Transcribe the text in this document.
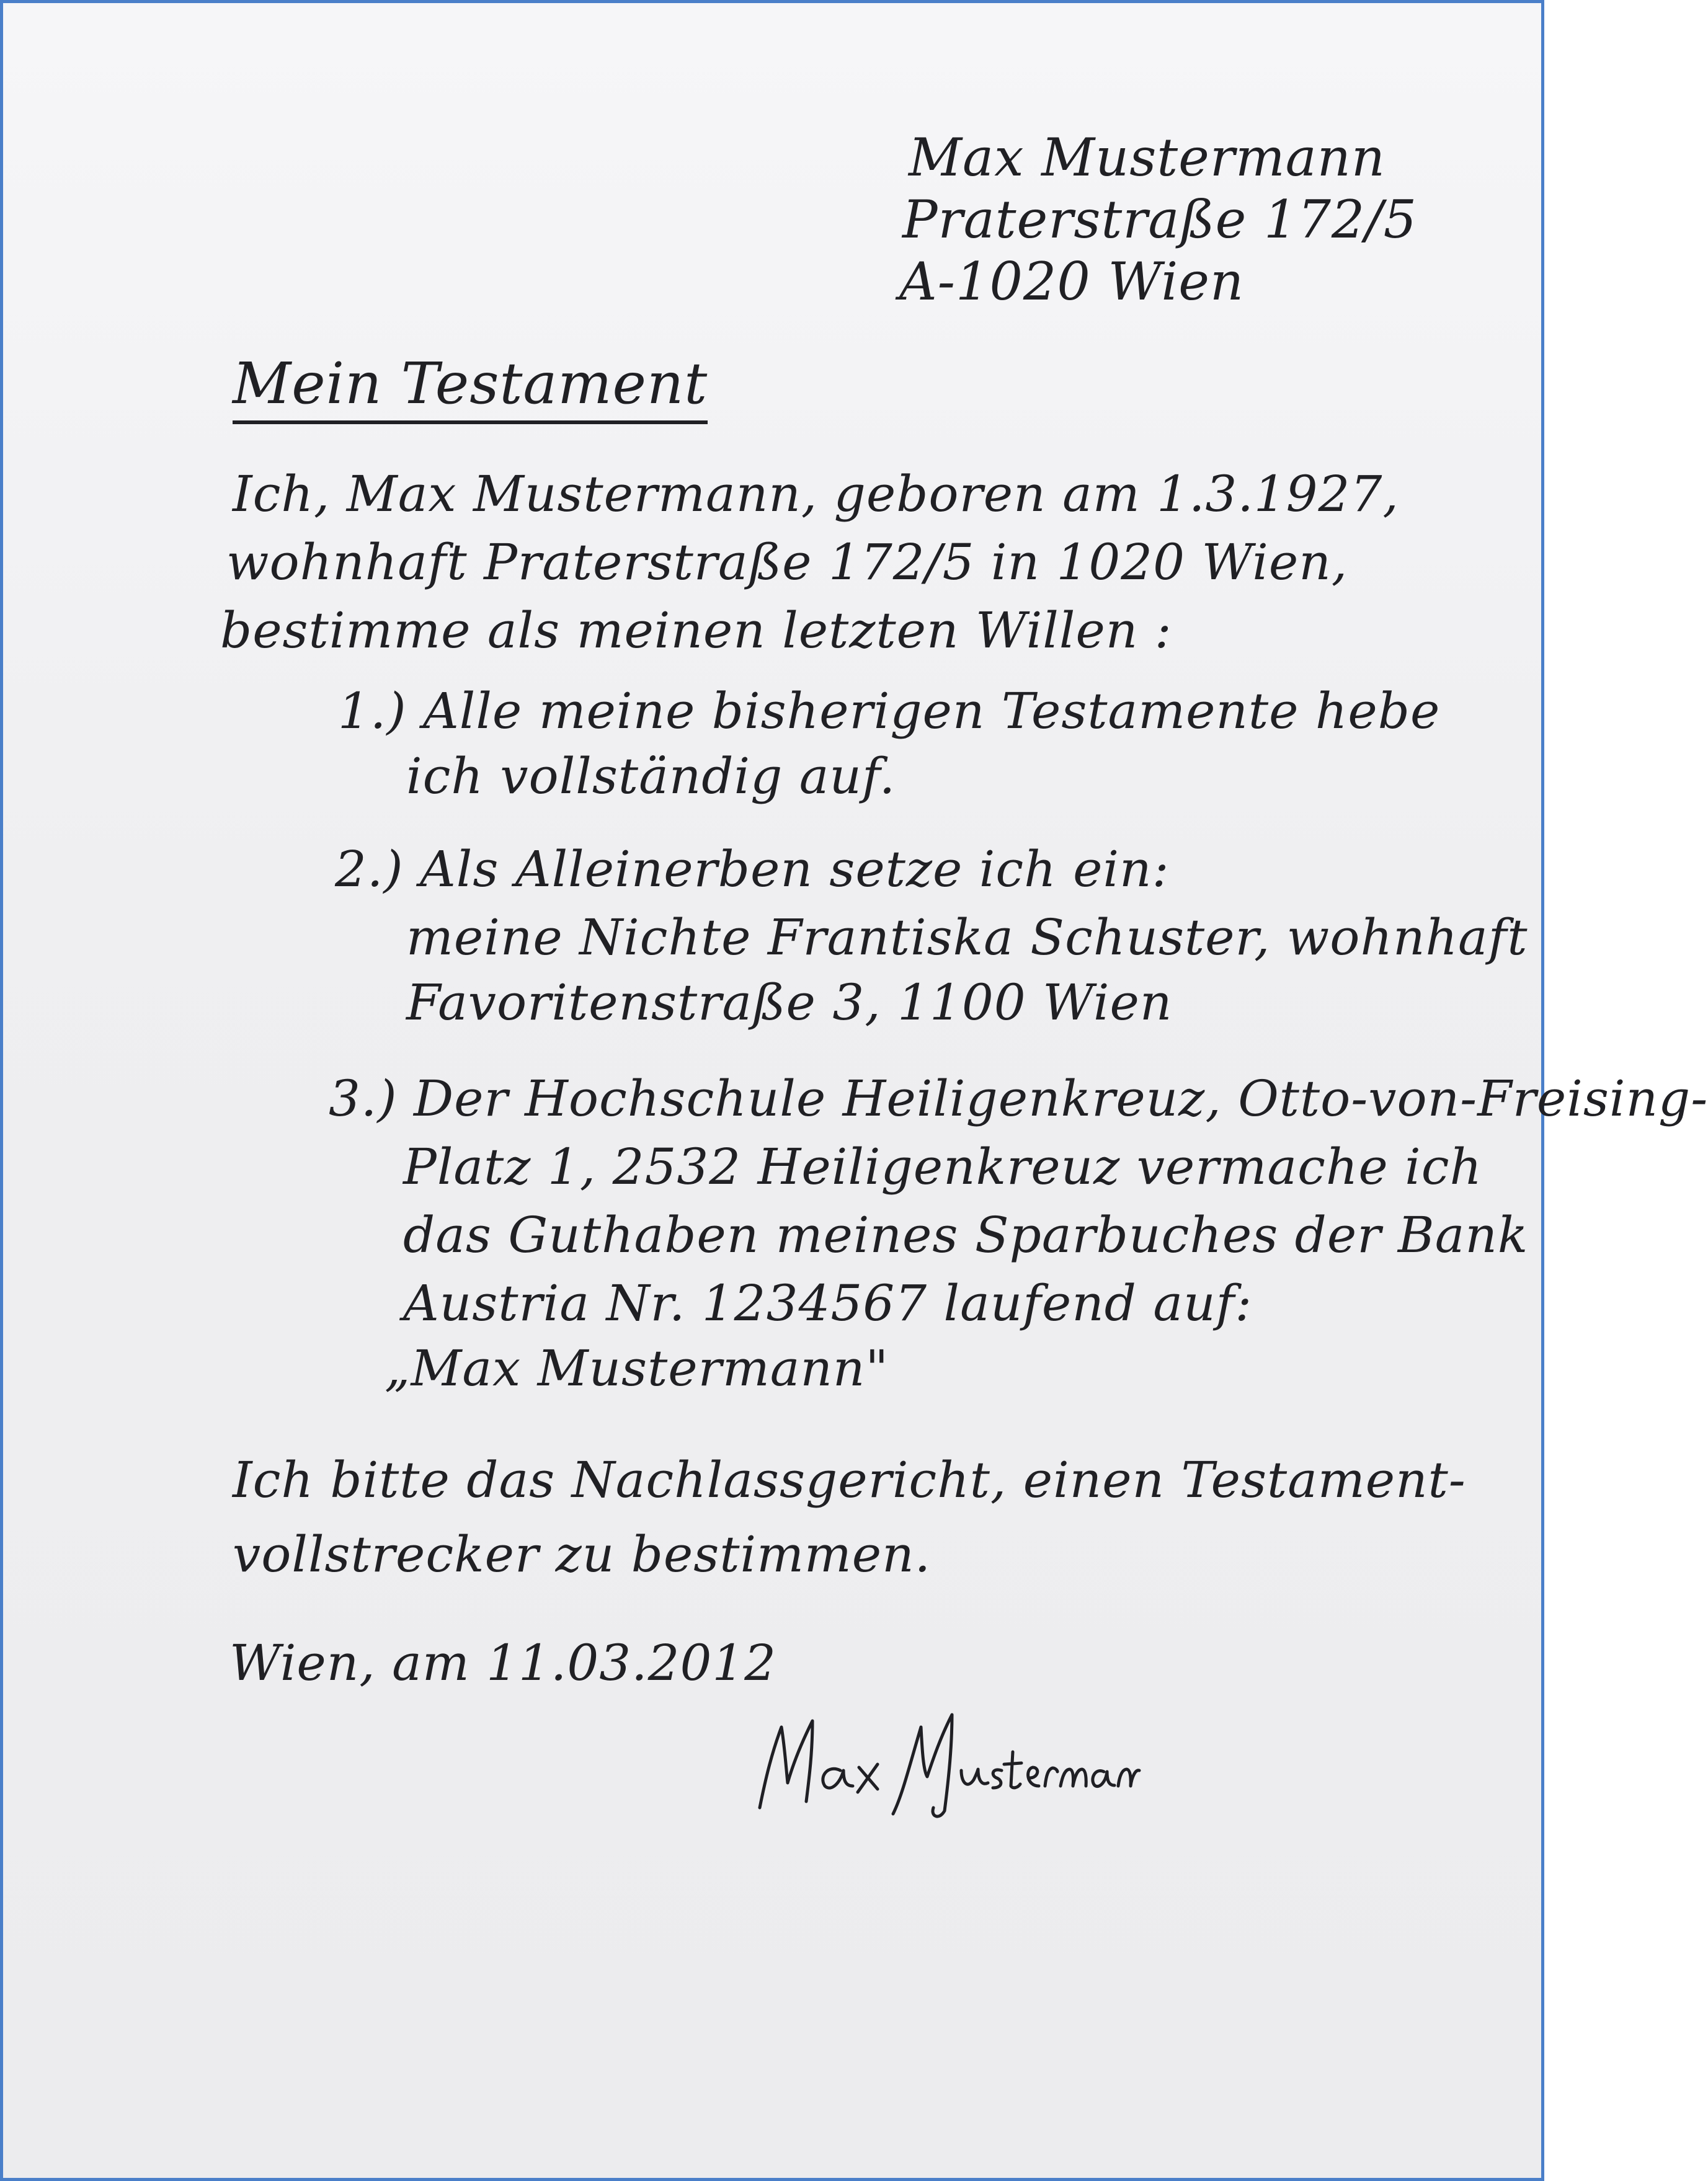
Max Mustermann
Praterstraße 172/5
A-1020 Wien
Mein Testament
Ich, Max Mustermann, geboren am 1.3.1927,
wohnhaft Praterstraße 172/5 in 1020 Wien,
bestimme als meinen letzten Willen :
1.) Alle meine bisherigen Testamente hebe
ich vollständig auf.
2.) Als Alleinerben setze ich ein:
meine Nichte Frantiska Schuster, wohnhaft
Favoritenstraße 3, 1100 Wien
3.) Der Hochschule Heiligenkreuz, Otto-von-Freising-
Platz 1, 2532 Heiligenkreuz vermache ich
das Guthaben meines Sparbuches der Bank
Austria Nr. 1234567 laufend auf:
„Max Mustermann"
Ich bitte das Nachlassgericht, einen Testament-
vollstrecker zu bestimmen.
Wien, am 11.03.2012
